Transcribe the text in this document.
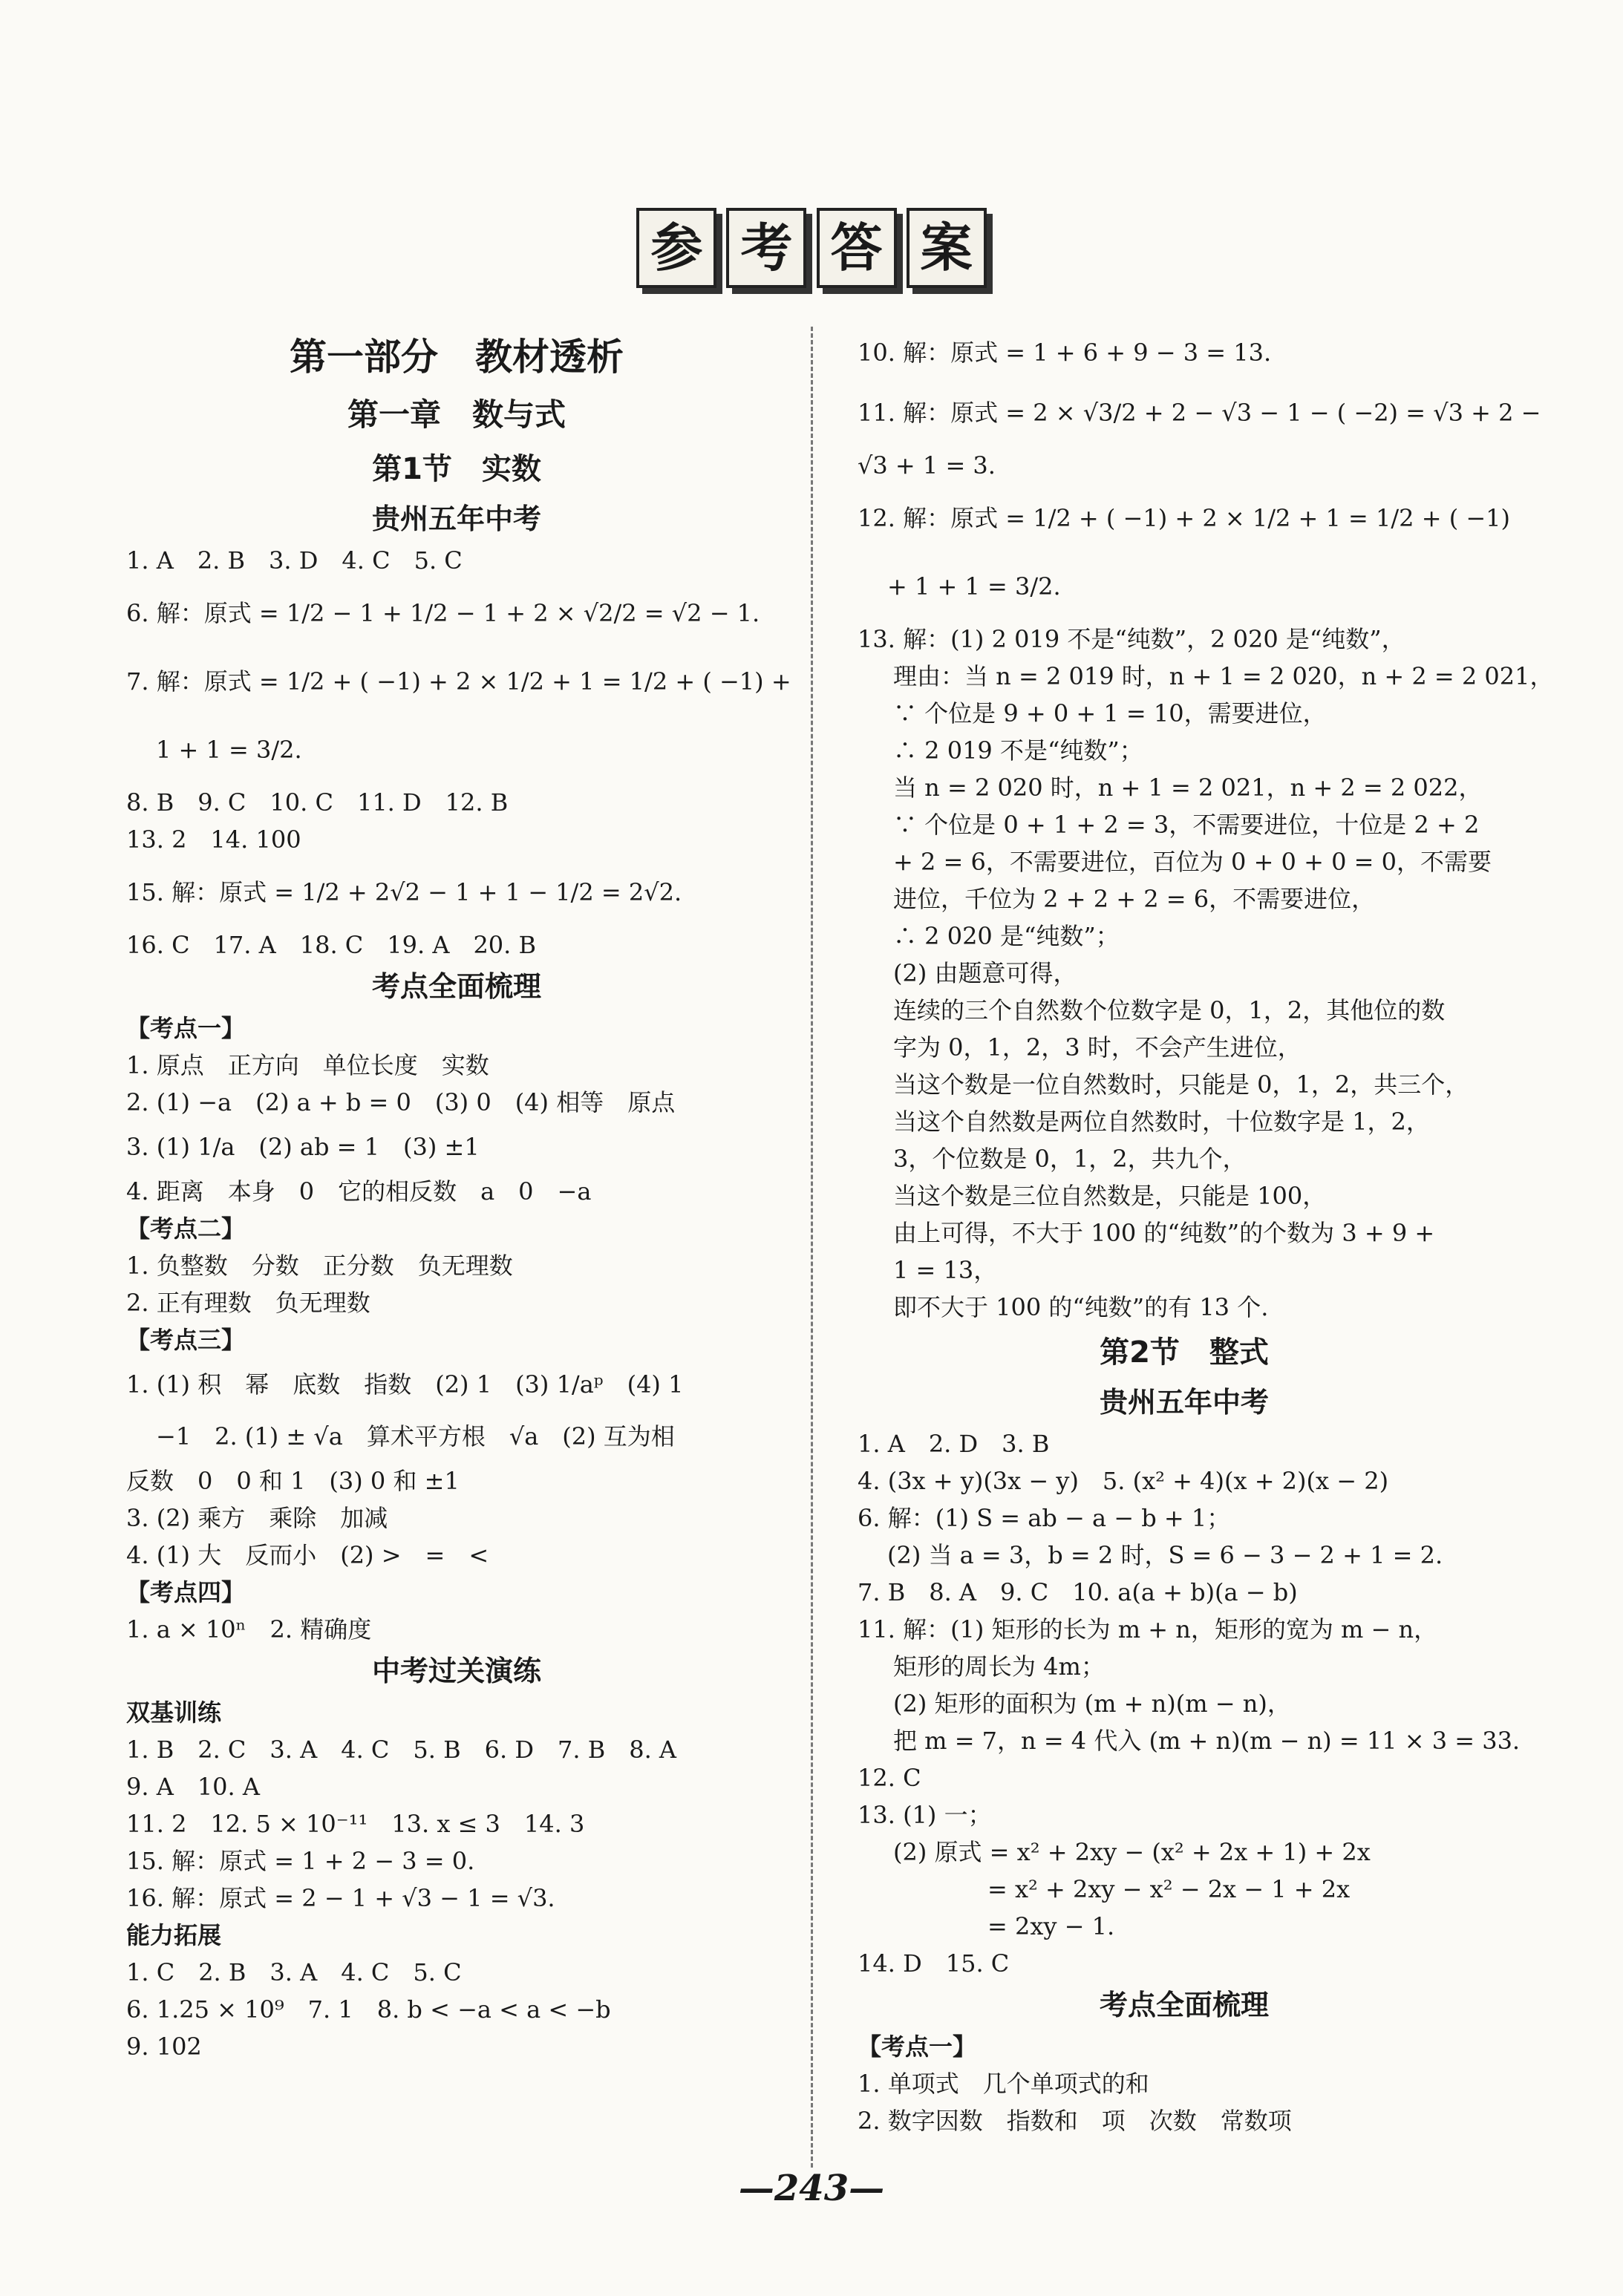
参 考 答 案
第一部分　教材透析
第一章　数与式
第1节　实数
贵州五年中考
1. A　2. B　3. D　4. C　5. C
6. 解：原式 = 1/2 − 1 + 1/2 − 1 + 2 × √2/2 = √2 − 1.
7. 解：原式 = 1/2 + ( −1) + 2 × 1/2 + 1 = 1/2 + ( −1) +
1 + 1 = 3/2.
8. B　9. C　10. C　11. D　12. B
13. 2　14. 100
15. 解：原式 = 1/2 + 2√2 − 1 + 1 − 1/2 = 2√2.
16. C　17. A　18. C　19. A　20. B
考点全面梳理
【考点一】
1. 原点　正方向　单位长度　实数
2. (1) −a　(2) a + b = 0　(3) 0　(4) 相等　原点
3. (1) 1/a　(2) ab = 1　(3) ±1
4. 距离　本身　0　它的相反数　a　0　−a
【考点二】
1. 负整数　分数　正分数　负无理数
2. 正有理数　负无理数
【考点三】
1. (1) 积　幂　底数　指数　(2) 1　(3) 1/aᵖ　(4) 1
−1　2. (1) ± √a　算术平方根　√a　(2) 互为相
反数　0　0 和 1　(3) 0 和 ±1
3. (2) 乘方　乘除　加减
4. (1) 大　反而小　(2) >　=　<
【考点四】
1. a × 10ⁿ　2. 精确度
中考过关演练
双基训练
1. B　2. C　3. A　4. C　5. B　6. D　7. B　8. A
9. A　10. A
11. 2　12. 5 × 10⁻¹¹　13. x ≤ 3　14. 3
15. 解：原式 = 1 + 2 − 3 = 0.
16. 解：原式 = 2 − 1 + √3 − 1 = √3.
能力拓展
1. C　2. B　3. A　4. C　5. C
6. 1.25 × 10⁹　7. 1　8. b < −a < a < −b
9. 102
10. 解：原式 = 1 + 6 + 9 − 3 = 13.
11. 解：原式 = 2 × √3/2 + 2 − √3 − 1 − ( −2) = √3 + 2 −
√3 + 1 = 3.
12. 解：原式 = 1/2 + ( −1) + 2 × 1/2 + 1 = 1/2 + ( −1)
+ 1 + 1 = 3/2.
13. 解：(1) 2 019 不是“纯数”，2 020 是“纯数”，
理由：当 n = 2 019 时，n + 1 = 2 020，n + 2 = 2 021，
∵ 个位是 9 + 0 + 1 = 10，需要进位，
∴ 2 019 不是“纯数”；
当 n = 2 020 时，n + 1 = 2 021，n + 2 = 2 022，
∵ 个位是 0 + 1 + 2 = 3，不需要进位，十位是 2 + 2
+ 2 = 6，不需要进位，百位为 0 + 0 + 0 = 0，不需要
进位，千位为 2 + 2 + 2 = 6，不需要进位，
∴ 2 020 是“纯数”；
(2) 由题意可得，
连续的三个自然数个位数字是 0，1，2，其他位的数
字为 0，1，2，3 时，不会产生进位，
当这个数是一位自然数时，只能是 0，1，2，共三个，
当这个自然数是两位自然数时，十位数字是 1，2，
3，个位数是 0，1，2，共九个，
当这个数是三位自然数是，只能是 100，
由上可得，不大于 100 的“纯数”的个数为 3 + 9 +
1 = 13，
即不大于 100 的“纯数”的有 13 个.
第2节　整式
贵州五年中考
1. A　2. D　3. B
4. (3x + y)(3x − y)　5. (x² + 4)(x + 2)(x − 2)
6. 解：(1) S = ab − a − b + 1；
(2) 当 a = 3，b = 2 时，S = 6 − 3 − 2 + 1 = 2.
7. B　8. A　9. C　10. a(a + b)(a − b)
11. 解：(1) 矩形的长为 m + n，矩形的宽为 m − n，
矩形的周长为 4m；
(2) 矩形的面积为 (m + n)(m − n)，
把 m = 7，n = 4 代入 (m + n)(m − n) = 11 × 3 = 33.
12. C
13. (1) 一；
(2) 原式 = x² + 2xy − (x² + 2x + 1) + 2x
= x² + 2xy − x² − 2x − 1 + 2x
= 2xy − 1.
14. D　15. C
考点全面梳理
【考点一】
1. 单项式　几个单项式的和
2. 数字因数　指数和　项　次数　常数项
—243—
